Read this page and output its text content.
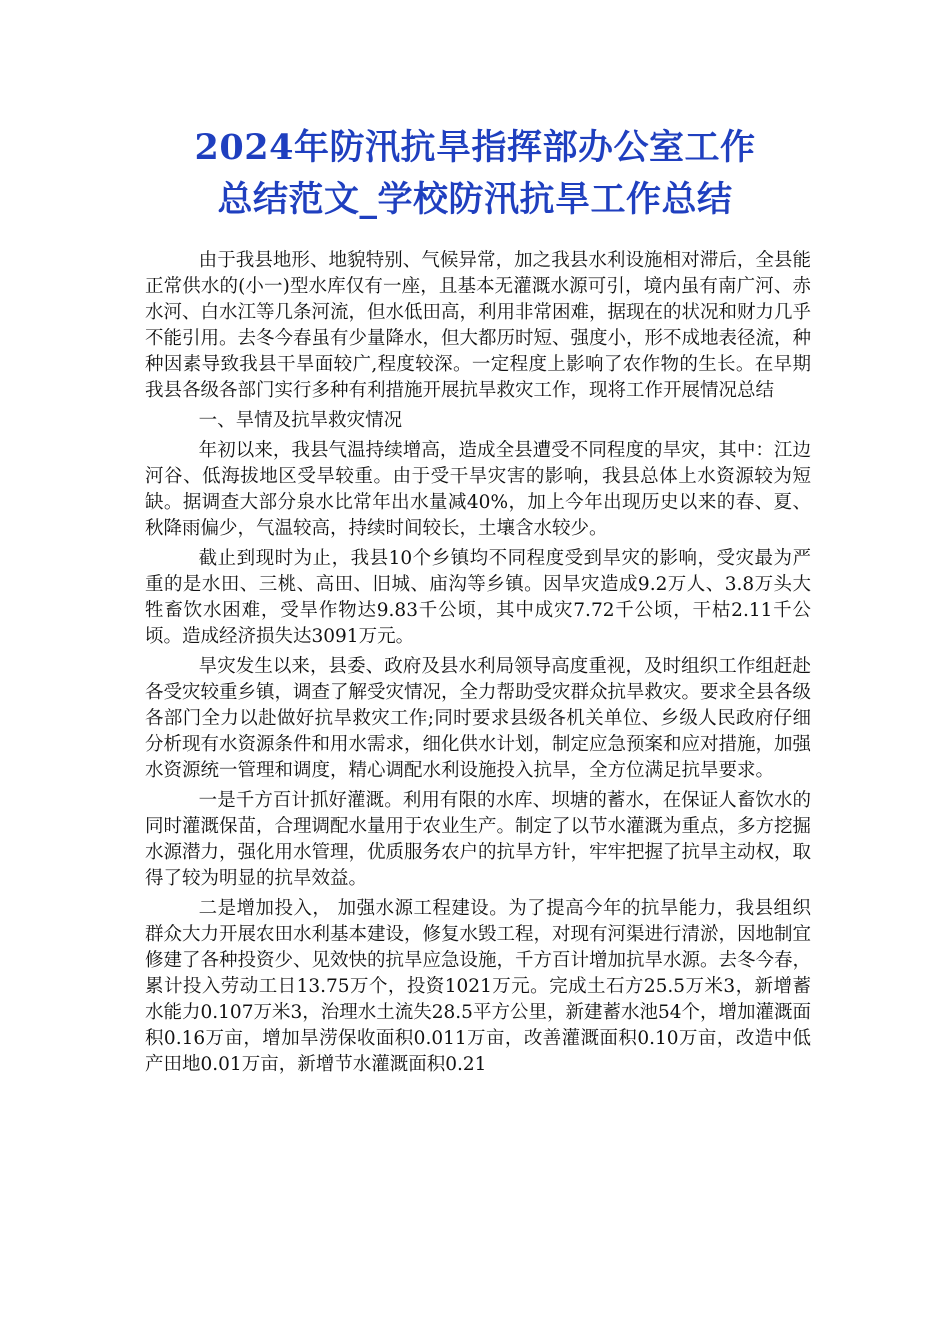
2024年防汛抗旱指挥部办公室工作
总结范文_学校防汛抗旱工作总结

由于我县地形、地貌特别、气候异常，加之我县水利设施相对滞后，全县能正常供水的(小一)型水库仅有一座，且基本无灌溉水源可引，境内虽有南广河、赤水河、白水江等几条河流，但水低田高，利用非常困难，据现在的状况和财力几乎不能引用。去冬今春虽有少量降水，但大都历时短、强度小，形不成地表径流，种种因素导致我县干旱面较广,程度较深。一定程度上影响了农作物的生长。在早期我县各级各部门实行多种有利措施开展抗旱救灾工作，现将工作开展情况总结

一、旱情及抗旱救灾情况

年初以来，我县气温持续增高，造成全县遭受不同程度的旱灾，其中：江边河谷、低海拔地区受旱较重。由于受干旱灾害的影响，我县总体上水资源较为短缺。据调查大部分泉水比常年出水量减40%，加上今年出现历史以来的春、夏、秋降雨偏少，气温较高，持续时间较长，土壤含水较少。

截止到现时为止，我县10个乡镇均不同程度受到旱灾的影响，受灾最为严重的是水田、三桃、高田、旧城、庙沟等乡镇。因旱灾造成9.2万人、3.8万头大牲畜饮水困难，受旱作物达9.83千公顷，其中成灾7.72千公顷，干枯2.11千公顷。造成经济损失达3091万元。

旱灾发生以来，县委、政府及县水利局领导高度重视，及时组织工作组赶赴各受灾较重乡镇，调查了解受灾情况，全力帮助受灾群众抗旱救灾。要求全县各级各部门全力以赴做好抗旱救灾工作;同时要求县级各机关单位、乡级人民政府仔细分析现有水资源条件和用水需求，细化供水计划，制定应急预案和应对措施，加强水资源统一管理和调度，精心调配水利设施投入抗旱，全方位满足抗旱要求。

一是千方百计抓好灌溉。利用有限的水库、坝塘的蓄水，在保证人畜饮水的同时灌溉保苗，合理调配水量用于农业生产。制定了以节水灌溉为重点，多方挖掘水源潜力，强化用水管理，优质服务农户的抗旱方针，牢牢把握了抗旱主动权，取得了较为明显的抗旱效益。

二是增加投入， 加强水源工程建设。为了提高今年的抗旱能力，我县组织群众大力开展农田水利基本建设，修复水毁工程，对现有河渠进行清淤，因地制宜修建了各种投资少、见效快的抗旱应急设施，千方百计增加抗旱水源。去冬今春， 累计投入劳动工日13.75万个，投资1021万元。完成土石方25.5万米3，新增蓄水能力0.107万米3，治理水土流失28.5平方公里，新建蓄水池54个，增加灌溉面积0.16万亩，增加旱涝保收面积0.011万亩，改善灌溉面积0.10万亩，改造中低产田地0.01万亩，新增节水灌溉面积0.21
